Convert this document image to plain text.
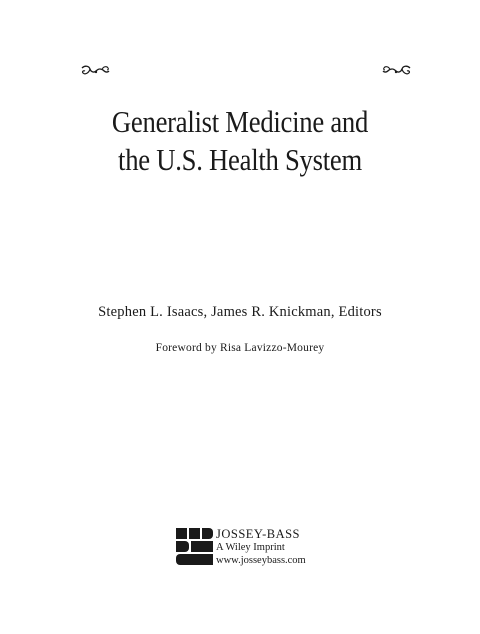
Generalist Medicine and
the U.S. Health System
Stephen L. Isaacs, James R. Knickman, Editors
Foreword by Risa Lavizzo-Mourey
JOSSEY-BASS
A Wiley Imprint
www.josseybass.com
